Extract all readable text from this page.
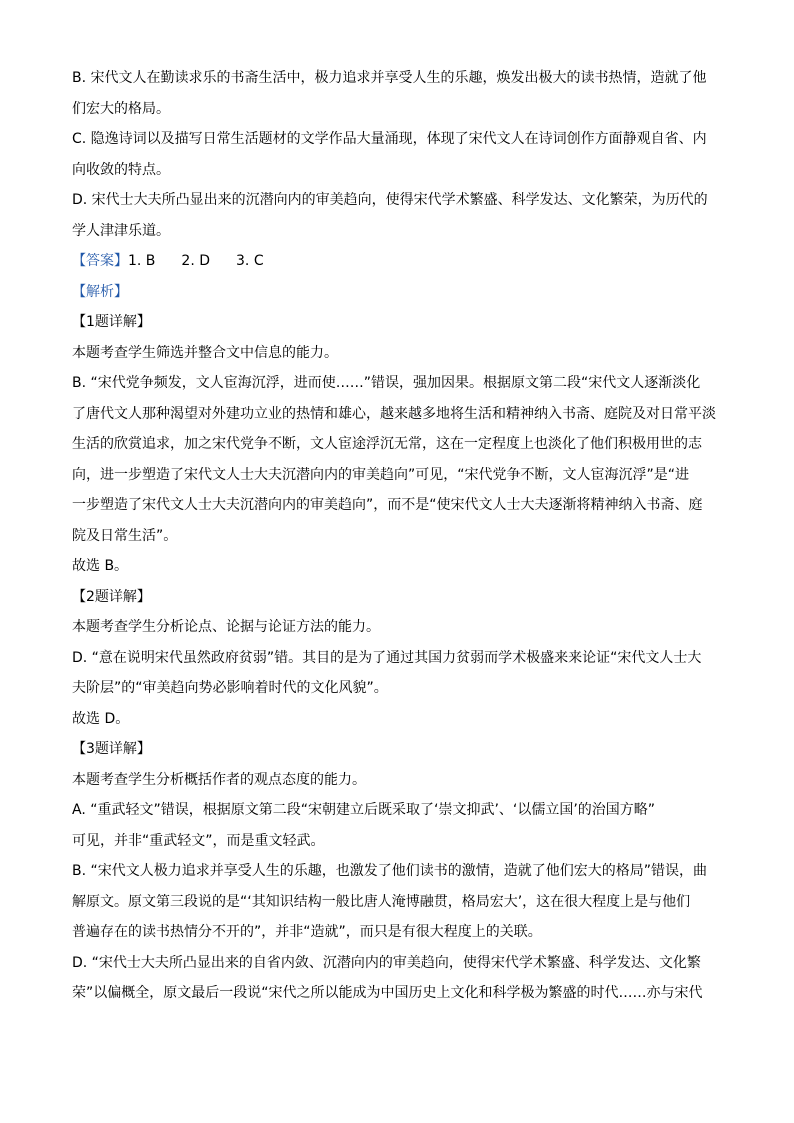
B. 宋代文人在勤读求乐的书斋生活中，极力追求并享受人生的乐趣，焕发出极大的读书热情，造就了他
们宏大的格局。
C. 隐逸诗词以及描写日常生活题材的文学作品大量涌现，体现了宋代文人在诗词创作方面静观自省、内
向收敛的特点。
D. 宋代士大夫所凸显出来的沉潜向内的审美趋向，使得宋代学术繁盛、科学发达、文化繁荣，为历代的
学人津津乐道。
【答案】1. B 2. D 3. C
【解析】
【1题详解】
本题考查学生筛选并整合文中信息的能力。
B. “宋代党争频发，文人宦海沉浮，进而使……”错误，强加因果。根据原文第二段“宋代文人逐渐淡化
了唐代文人那种渴望对外建功立业的热情和雄心，越来越多地将生活和精神纳入书斋、庭院及对日常平淡
生活的欣赏追求，加之宋代党争不断，文人宦途浮沉无常，这在一定程度上也淡化了他们积极用世的志
向，进一步塑造了宋代文人士大夫沉潜向内的审美趋向”可见，“宋代党争不断，文人宦海沉浮”是“进
一步塑造了宋代文人士大夫沉潜向内的审美趋向”，而不是“使宋代文人士大夫逐渐将精神纳入书斋、庭
院及日常生活”。
故选 B。
【2题详解】
本题考查学生分析论点、论据与论证方法的能力。
D. “意在说明宋代虽然政府贫弱”错。其目的是为了通过其国力贫弱而学术极盛来来论证“宋代文人士大
夫阶层”的“审美趋向势必影响着时代的文化风貌”。
故选 D。
【3题详解】
本题考查学生分析概括作者的观点态度的能力。
A. “重武轻文”错误，根据原文第二段“宋朝建立后既采取了‘崇文抑武’、‘以儒立国’的治国方略”
可见，并非“重武轻文”，而是重文轻武。
B. “宋代文人极力追求并享受人生的乐趣，也激发了他们读书的激情，造就了他们宏大的格局”错误，曲
解原文。原文第三段说的是“‘其知识结构一般比唐人淹博融贯，格局宏大’，这在很大程度上是与他们
普遍存在的读书热情分不开的”，并非“造就”，而只是有很大程度上的关联。
D. “宋代士大夫所凸显出来的自省内敛、沉潜向内的审美趋向，使得宋代学术繁盛、科学发达、文化繁
荣”以偏概全，原文最后一段说“宋代之所以能成为中国历史上文化和科学极为繁盛的时代……亦与宋代
